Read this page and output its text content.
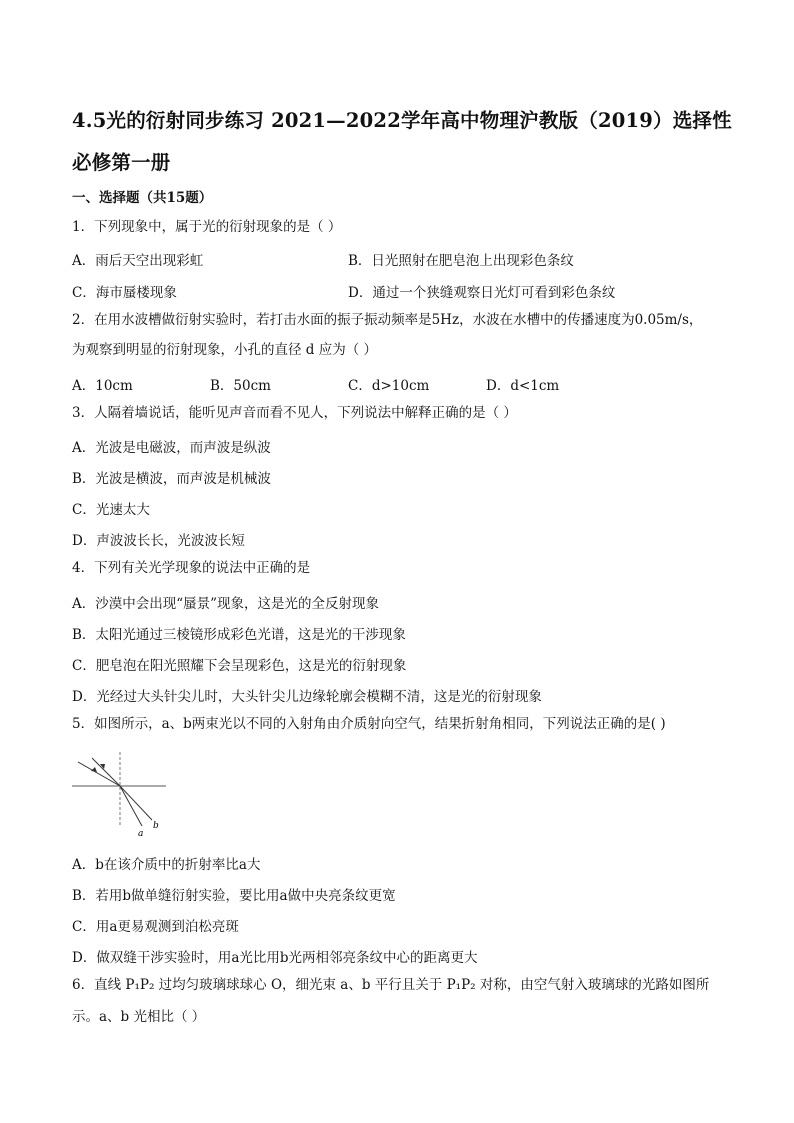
4.5光的衍射同步练习 2021—2022学年高中物理沪教版（2019）选择性必修第一册
一、选择题（共15题）
1．下列现象中，属于光的衍射现象的是（ ）
A．雨后天空出现彩虹	B．日光照射在肥皂泡上出现彩色条纹
C．海市蜃楼现象	D．通过一个狭缝观察日光灯可看到彩色条纹
2．在用水波槽做衍射实验时，若打击水面的振子振动频率是5Hz，水波在水槽中的传播速度为0.05m/s，
为观察到明显的衍射现象，小孔的直径 d 应为（ ）
A．10cm	B．50cm	C．d>10cm	D．d<1cm
3．人隔着墙说话，能听见声音而看不见人，下列说法中解释正确的是（ ）
A．光波是电磁波，而声波是纵波
B．光波是横波，而声波是机械波
C．光速太大
D．声波波长长，光波波长短
4．下列有关光学现象的说法中正确的是
A．沙漠中会出现“蜃景”现象，这是光的全反射现象
B．太阳光通过三棱镜形成彩色光谱，这是光的干涉现象
C．肥皂泡在阳光照耀下会呈现彩色，这是光的衍射现象
D．光经过大头针尖儿时，大头针尖儿边缘轮廓会模糊不清，这是光的衍射现象
5．如图所示，a、b两束光以不同的入射角由介质射向空气，结果折射角相同，下列说法正确的是( )
a
b
A．b在该介质中的折射率比a大
B．若用b做单缝衍射实验，要比用a做中央亮条纹更宽
C．用a更易观测到泊松亮斑
D．做双缝干涉实验时，用a光比用b光两相邻亮条纹中心的距离更大
6．直线 P₁P₂ 过均匀玻璃球球心 O，细光束 a、b 平行且关于 P₁P₂ 对称，由空气射入玻璃球的光路如图所
示。a、b 光相比（ ）
